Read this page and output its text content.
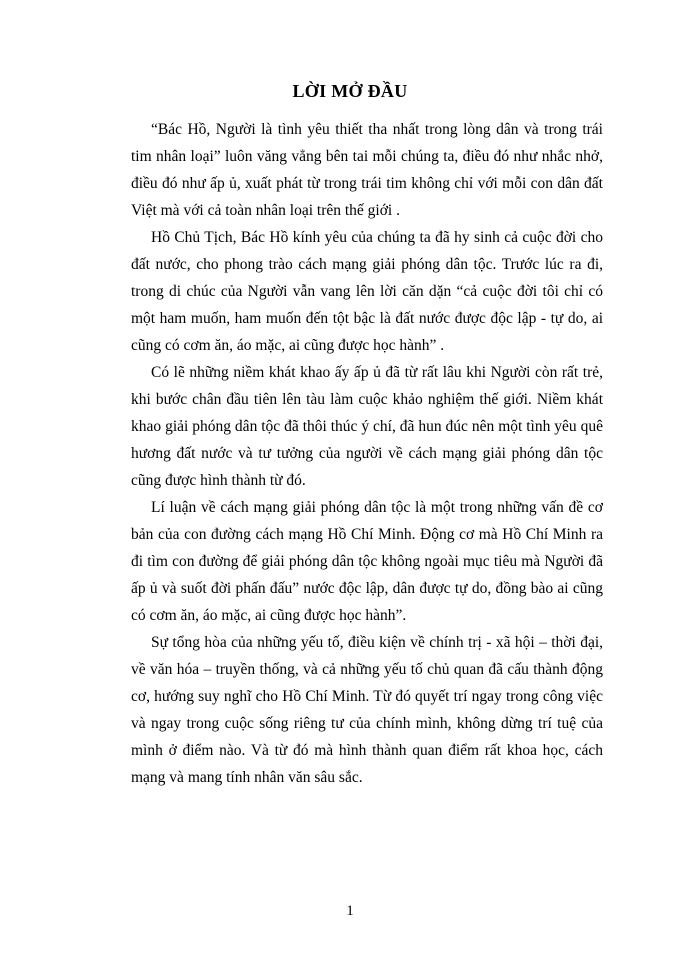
LỜI MỞ ĐẦU

“Bác Hồ, Người là tình yêu thiết tha nhất trong lòng dân và trong trái tim nhân loại” luôn văng vẳng bên tai mỗi chúng ta, điều đó như nhắc nhở, điều đó như ấp ủ, xuất phát từ trong trái tim không chỉ với mỗi con dân đất Việt mà với cả toàn nhân loại trên thế giới .

Hồ Chủ Tịch, Bác Hồ kính yêu của chúng ta đã hy sinh cả cuộc đời cho đất nước, cho phong trào cách mạng giải phóng dân tộc. Trước lúc ra đi, trong di chúc của Người vẫn vang lên lời căn dặn “cả cuộc đời tôi chỉ có một ham muốn, ham muốn đến tột bậc là đất nước được độc lập - tự do, ai cũng có cơm ăn, áo mặc, ai cũng được học hành” .

Có lẽ những niềm khát khao ấy ấp ủ đã từ rất lâu khi Người còn rất trẻ, khi bước chân đầu tiên lên tàu làm cuộc khảo nghiệm thế giới. Niềm khát khao giải phóng dân tộc đã thôi thúc ý chí, đã hun đúc nên một tình yêu quê hương đất nước và tư tưởng của người về cách mạng giải phóng dân tộc cũng được hình thành từ đó.

Lí luận về cách mạng giải phóng dân tộc là một trong những vấn đề cơ bản của con đường cách mạng Hồ Chí Minh. Động cơ mà Hồ Chí Minh ra đi tìm con đường để giải phóng dân tộc không ngoài mục tiêu mà Người đã ấp ủ và suốt đời phấn đấu” nước độc lập, dân được tự do, đồng bào ai cũng có cơm ăn, áo mặc, ai cũng được học hành”.

Sự tổng hòa của những yếu tố, điều kiện về chính trị - xã hội – thời đại, về văn hóa – truyền thống, và cả những yếu tố chủ quan đã cấu thành động cơ, hướng suy nghĩ cho Hồ Chí Minh. Từ đó quyết trí ngay trong công việc và ngay trong cuộc sống riêng tư của chính mình, không dừng trí tuệ của mình ở điểm nào. Và từ đó mà hình thành quan điểm rất khoa học, cách mạng và mang tính nhân văn sâu sắc.

1
